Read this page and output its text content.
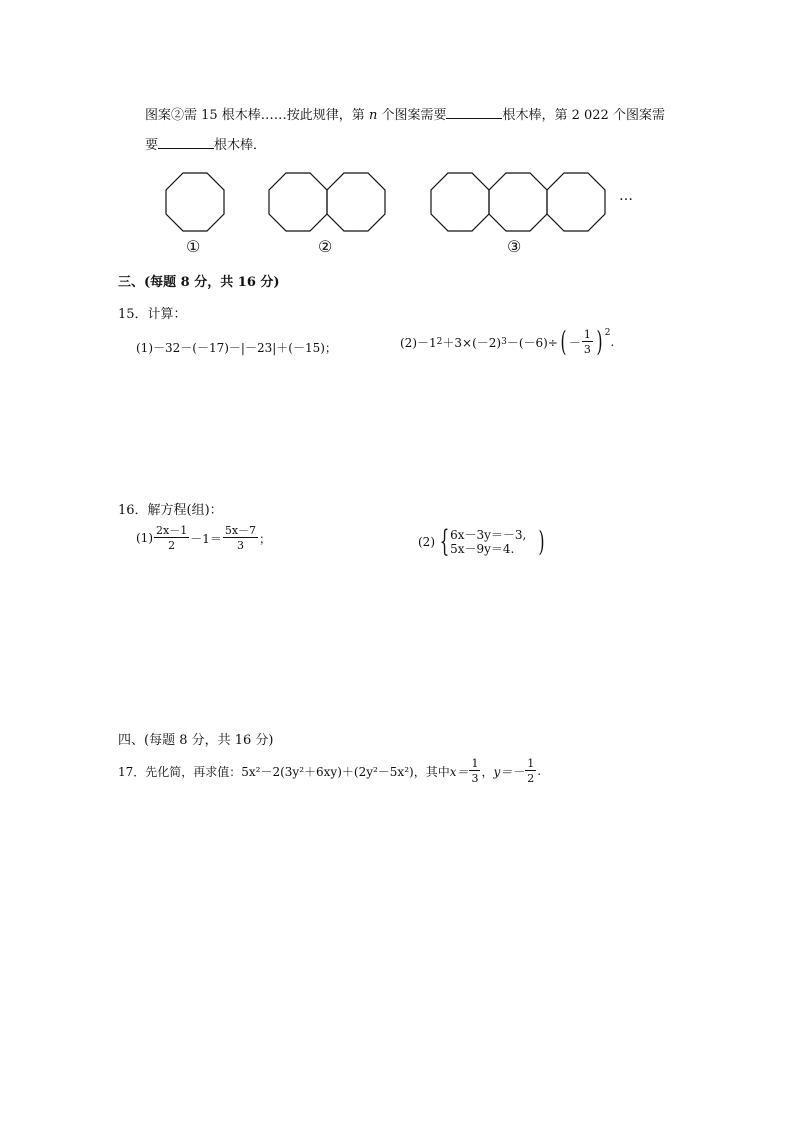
图案②需 15 根木棒……按此规律，第 n 个图案需要	根木棒，第 2 022 个图案需
要	根木棒．
①	②	③
…
三、(每题 8 分，共 16 分)
15．计算：
(1)－32－(－17)－|－23|＋(－15)；	(2)－1 2 ＋3×(－2) 3 －(－6)÷ ( － $\frac{1}{3}$ ) 2
.
16．解方程(组)：
$(1) \frac{2x-1}{2} -1= \frac{5x-7}{3}$ ；	(2) { 6x－3y＝－3,
5x－9y＝4. )
四、(每题 8 分，共 16 分)
17．先化简，再求值：5x²－2(3y²＋6xy)＋(2y²－5x²)，其中 $x= \frac{1}{3}$ ， $y=- \frac{1}{2}$ .
